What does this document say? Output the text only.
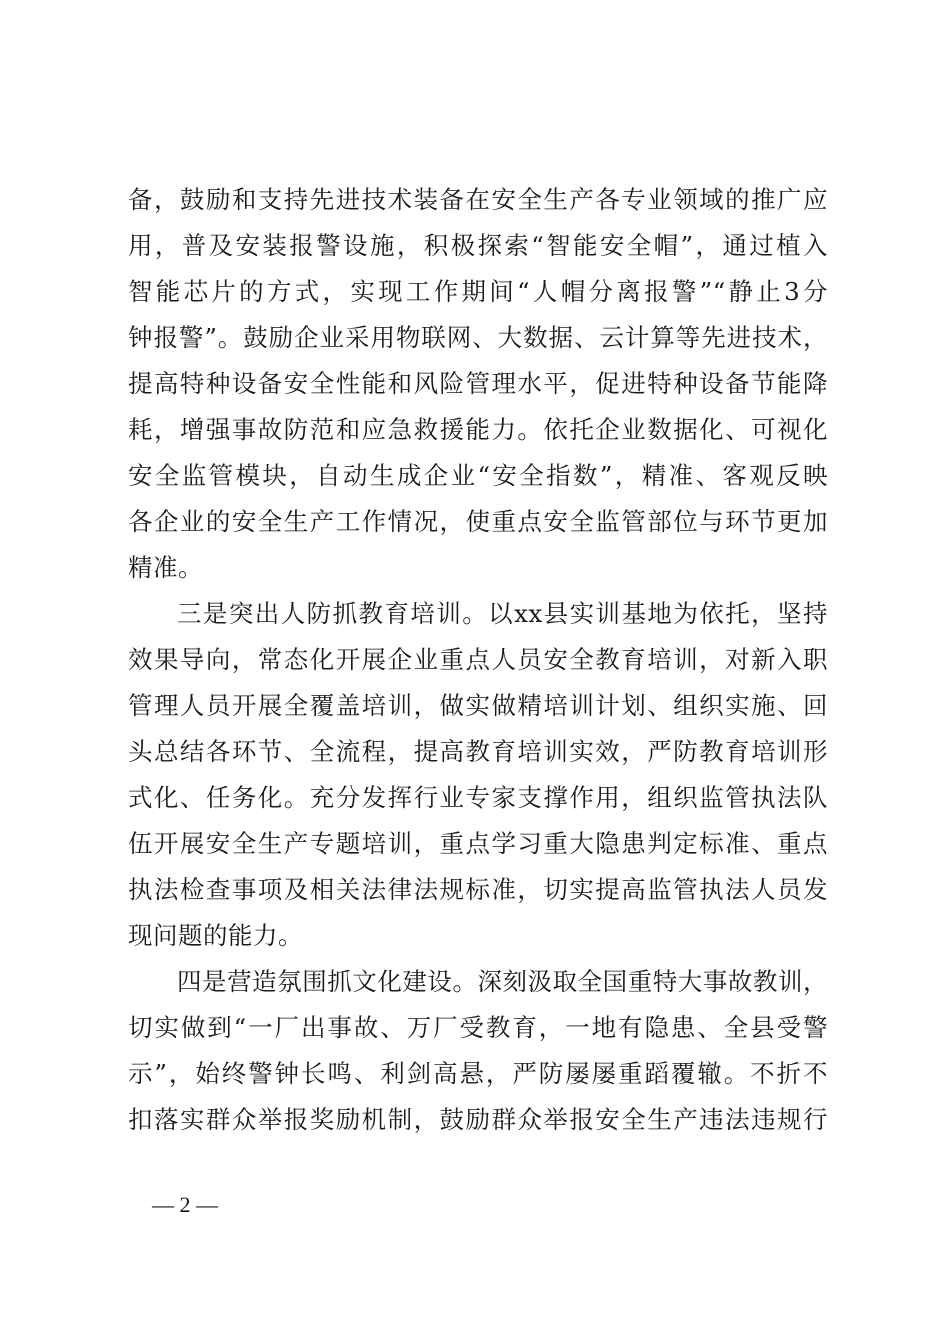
备，鼓励和支持先进技术装备在安全生产各专业领域的推广应
用，普及安装报警设施，积极探索“智能安全帽”，通过植入
智能芯片的方式，实现工作期间“人帽分离报警”“静止3分
钟报警”。鼓励企业采用物联网、大数据、云计算等先进技术，
提高特种设备安全性能和风险管理水平，促进特种设备节能降
耗，增强事故防范和应急救援能力。依托企业数据化、可视化
安全监管模块，自动生成企业“安全指数”，精准、客观反映
各企业的安全生产工作情况，使重点安全监管部位与环节更加
精准。
三是突出人防抓教育培训。以xx县实训基地为依托，坚持
效果导向，常态化开展企业重点人员安全教育培训，对新入职
管理人员开展全覆盖培训，做实做精培训计划、组织实施、回
头总结各环节、全流程，提高教育培训实效，严防教育培训形
式化、任务化。充分发挥行业专家支撑作用，组织监管执法队
伍开展安全生产专题培训，重点学习重大隐患判定标准、重点
执法检查事项及相关法律法规标准，切实提高监管执法人员发
现问题的能力。
四是营造氛围抓文化建设。深刻汲取全国重特大事故教训，
切实做到“一厂出事故、万厂受教育，一地有隐患、全县受警
示”，始终警钟长鸣、利剑高悬，严防屡屡重蹈覆辙。不折不
扣落实群众举报奖励机制，鼓励群众举报安全生产违法违规行
— 2 —
